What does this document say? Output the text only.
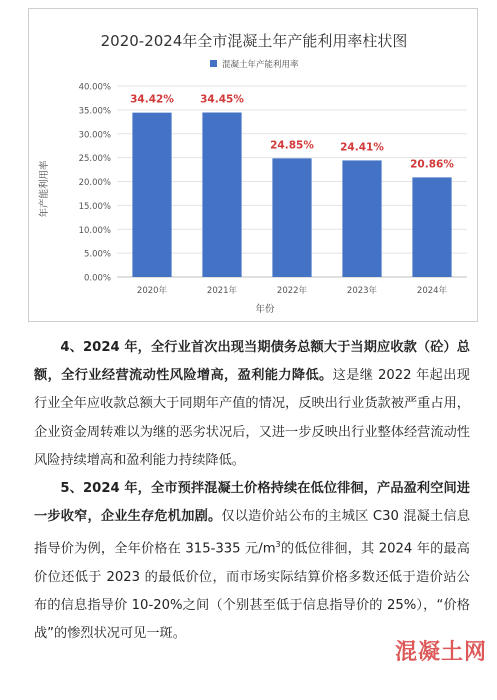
2020-2024年全市混凝土年产能利用率柱状图
混凝土年产能利用率
年产能利用率
年份
0.00%
5.00%
10.00%
15.00%
20.00%
25.00%
30.00%
35.00%
40.00%
34.42%	34.45%
24.85%	24.41%
20.86%
2020年	2021年	2022年	2023年	2024年

4、2024 年，全行业首次出现当期债务总额大于当期应收款（砼）总额，全行业经营流动性风险增高，盈利能力降低。这是继 2022 年起出现行业全年应收款总额大于同期年产值的情况，反映出行业货款被严重占用，企业资金周转难以为继的恶劣状况后，又进一步反映出行业整体经营流动性风险持续增高和盈利能力持续降低。

5、2024 年，全市预拌混凝土价格持续在低位徘徊，产品盈利空间进一步收窄，企业生存危机加剧。仅以造价站公布的主城区 C30 混凝土信息指导价为例，全年价格在 315-335 元$/m^3$的低位徘徊，其 2024 年的最高价位还低于 2023 的最低价位，而市场实际结算价格多数还低于造价站公布的信息指导价 10-20%之间（个别甚至低于信息指导价的 25%），“价格战”的惨烈状况可见一斑。

混凝土网
